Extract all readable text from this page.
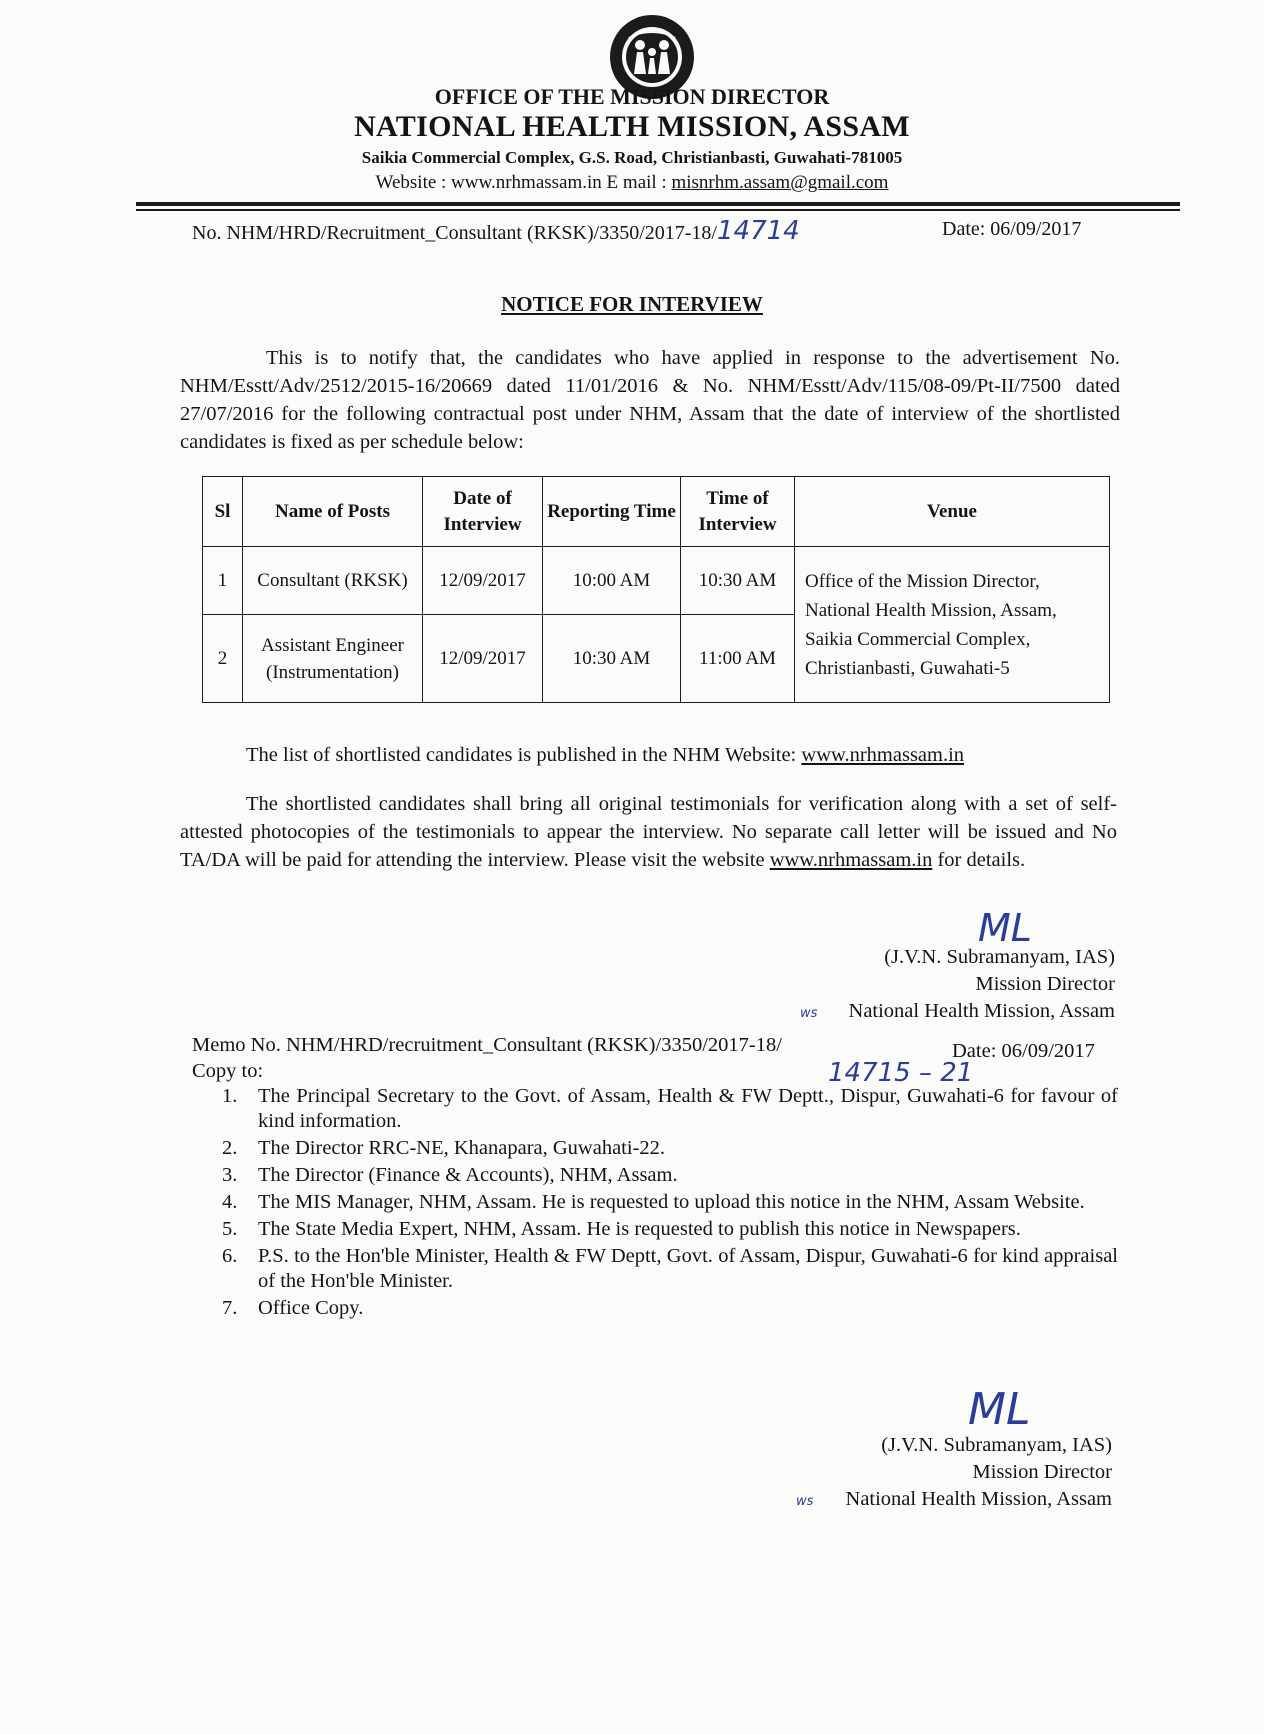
OFFICE OF THE MISSION DIRECTOR
NATIONAL HEALTH MISSION, ASSAM
Saikia Commercial Complex, G.S. Road, Christianbasti, Guwahati-781005
Website : www.nrhmassam.in E mail : misnrhm.assam@gmail.com
No. NHM/HRD/Recruitment_Consultant (RKSK)/3350/2017-18/14714	Date: 06/09/2017
NOTICE FOR INTERVIEW
This is to notify that, the candidates who have applied in response to the advertisement No. NHM/Esstt/Adv/2512/2015-16/20669 dated 11/01/2016 & No. NHM/Esstt/Adv/115/08-09/Pt-II/7500 dated 27/07/2016 for the following contractual post under NHM, Assam that the date of interview of the shortlisted candidates is fixed as per schedule below:
Sl	Name of Posts	Date of Interview	Reporting Time	Time of Interview	Venue
1	Consultant (RKSK)	12/09/2017	10:00 AM	10:30 AM	Office of the Mission Director, National Health Mission, Assam, Saikia Commercial Complex, Christianbasti, Guwahati-5
2	Assistant Engineer (Instrumentation)	12/09/2017	10:30 AM	11:00 AM	
The list of shortlisted candidates is published in the NHM Website: www.nrhmassam.in
The shortlisted candidates shall bring all original testimonials for verification along with a set of self-attested photocopies of the testimonials to appear the interview. No separate call letter will be issued and No TA/DA will be paid for attending the interview. Please visit the website www.nrhmassam.in for details.
ML
(J.V.N. Subramanyam, IAS)
Mission Director
National Health Mission, Assam
ws
Memo No. NHM/HRD/recruitment_Consultant (RKSK)/3350/2017-18/	Date: 06/09/2017
14715 – 21
Copy to:
1. The Principal Secretary to the Govt. of Assam, Health & FW Deptt., Dispur, Guwahati-6 for favour of kind information.
2. The Director RRC-NE, Khanapara, Guwahati-22.
3. The Director (Finance & Accounts), NHM, Assam.
4. The MIS Manager, NHM, Assam. He is requested to upload this notice in the NHM, Assam Website.
5. The State Media Expert, NHM, Assam. He is requested to publish this notice in Newspapers.
6. P.S. to the Hon'ble Minister, Health & FW Deptt, Govt. of Assam, Dispur, Guwahati-6 for kind appraisal of the Hon'ble Minister.
7. Office Copy.
ML
(J.V.N. Subramanyam, IAS)
Mission Director
National Health Mission, Assam
ws
